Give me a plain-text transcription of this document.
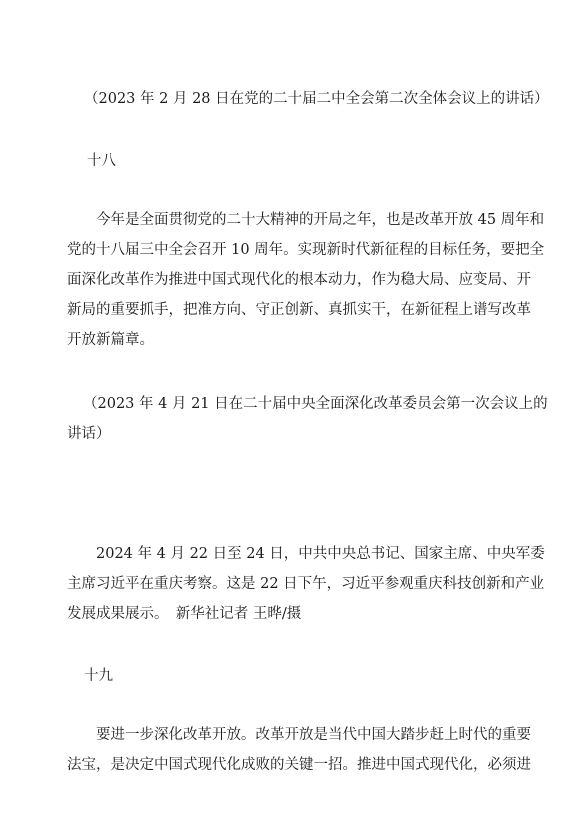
（2023 年 2 月 28 日在党的二十届二中全会第二次全体会议上的讲话）
十八
今年是全面贯彻党的二十大精神的开局之年，也是改革开放 45 周年和
党的十八届三中全会召开 10 周年。实现新时代新征程的目标任务，要把全
面深化改革作为推进中国式现代化的根本动力，作为稳大局、应变局、开
新局的重要抓手，把准方向、守正创新、真抓实干，在新征程上谱写改革
开放新篇章。
（2023 年 4 月 21 日在二十届中央全面深化改革委员会第一次会议上的
讲话）
2024 年 4 月 22 日至 24 日，中共中央总书记、国家主席、中央军委
主席习近平在重庆考察。这是 22 日下午，习近平参观重庆科技创新和产业
发展成果展示。　新华社记者 王晔/摄
十九
要进一步深化改革开放。改革开放是当代中国大踏步赶上时代的重要
法宝，是决定中国式现代化成败的关键一招。推进中国式现代化，必须进
